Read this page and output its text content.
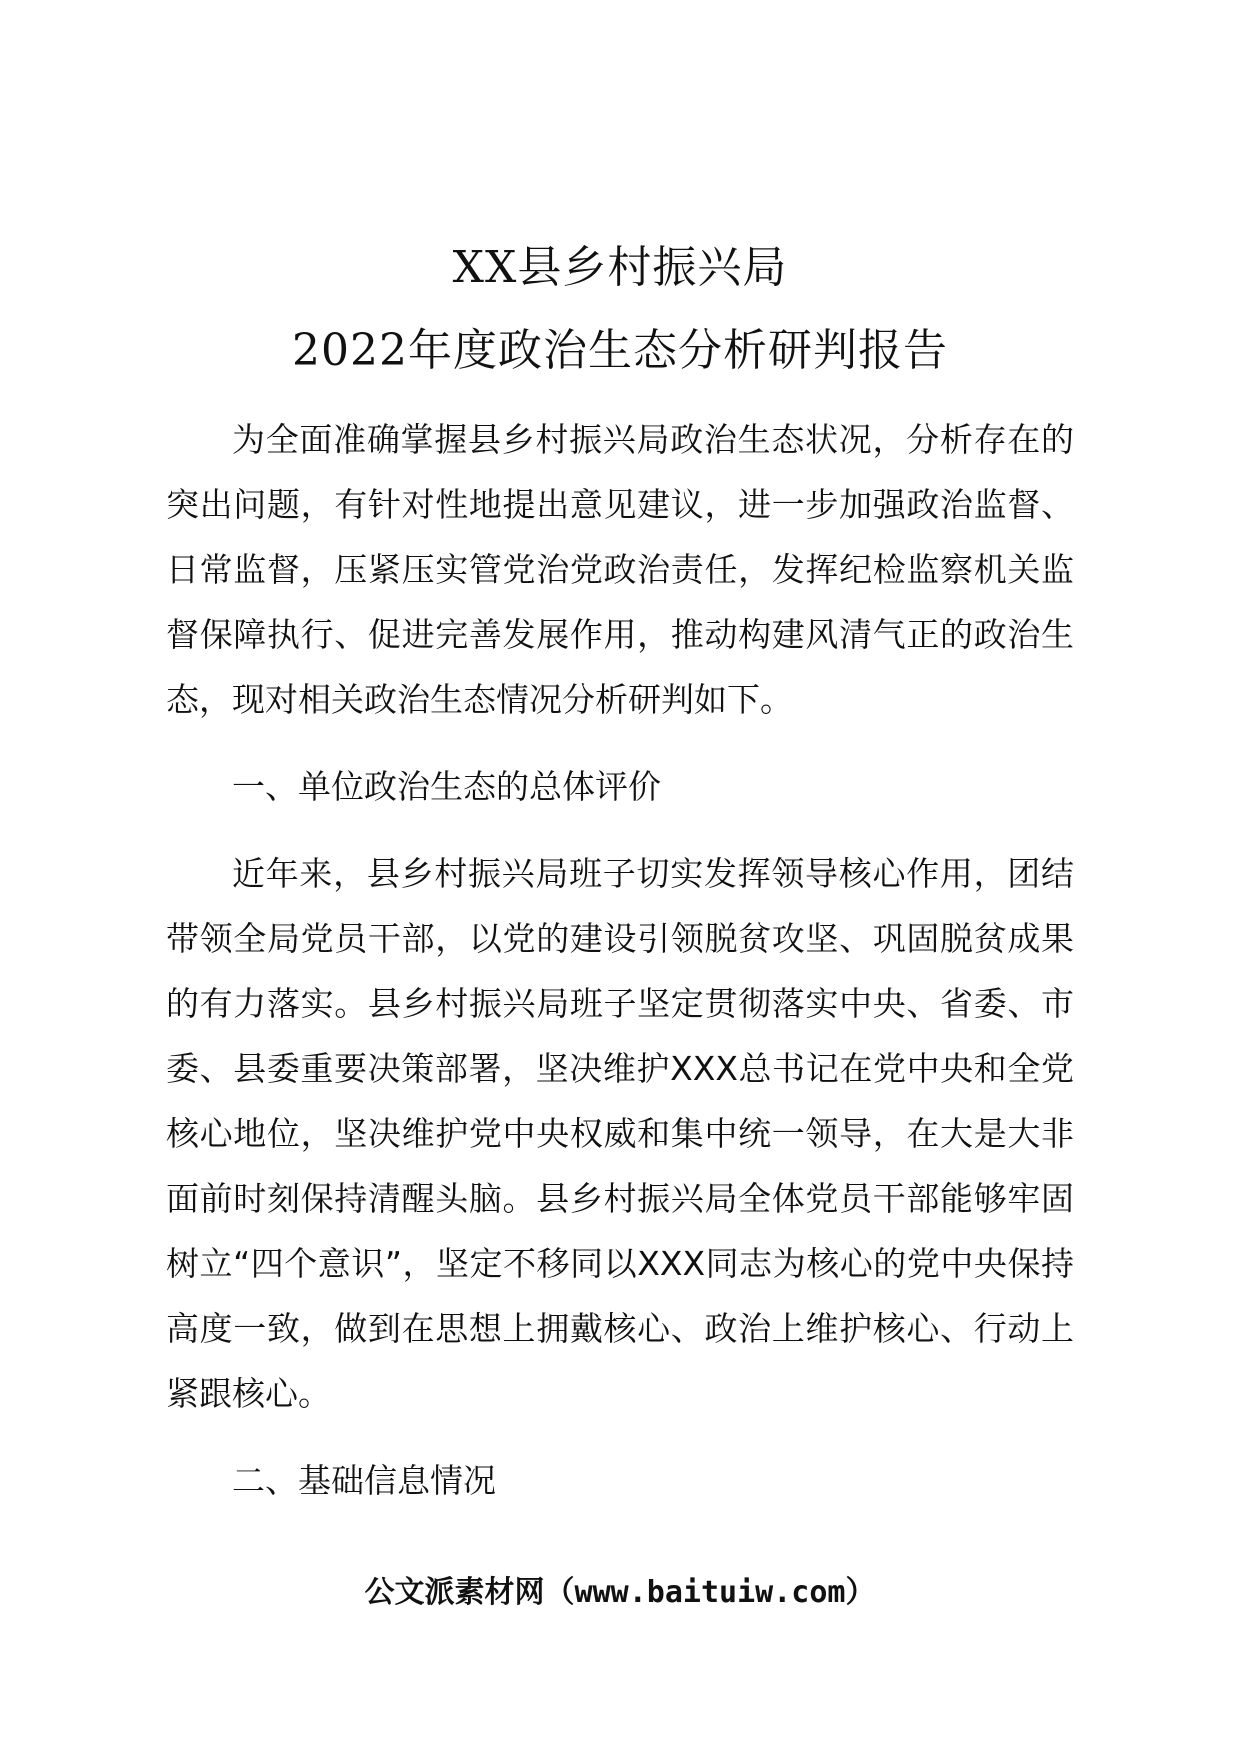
XX县乡村振兴局
2022年度政治生态分析研判报告

为全面准确掌握县乡村振兴局政治生态状况，分析存在的突出问题，有针对性地提出意见建议，进一步加强政治监督、日常监督，压紧压实管党治党政治责任，发挥纪检监察机关监督保障执行、促进完善发展作用，推动构建风清气正的政治生态，现对相关政治生态情况分析研判如下。

一、单位政治生态的总体评价

近年来，县乡村振兴局班子切实发挥领导核心作用，团结带领全局党员干部，以党的建设引领脱贫攻坚、巩固脱贫成果的有力落实。县乡村振兴局班子坚定贯彻落实中央、省委、市委、县委重要决策部署，坚决维护XXX总书记在党中央和全党核心地位，坚决维护党中央权威和集中统一领导，在大是大非面前时刻保持清醒头脑。县乡村振兴局全体党员干部能够牢固树立“四个意识”，坚定不移同以XXX同志为核心的党中央保持高度一致，做到在思想上拥戴核心、政治上维护核心、行动上紧跟核心。

二、基础信息情况

公文派素材网（www.baituiw.com）
